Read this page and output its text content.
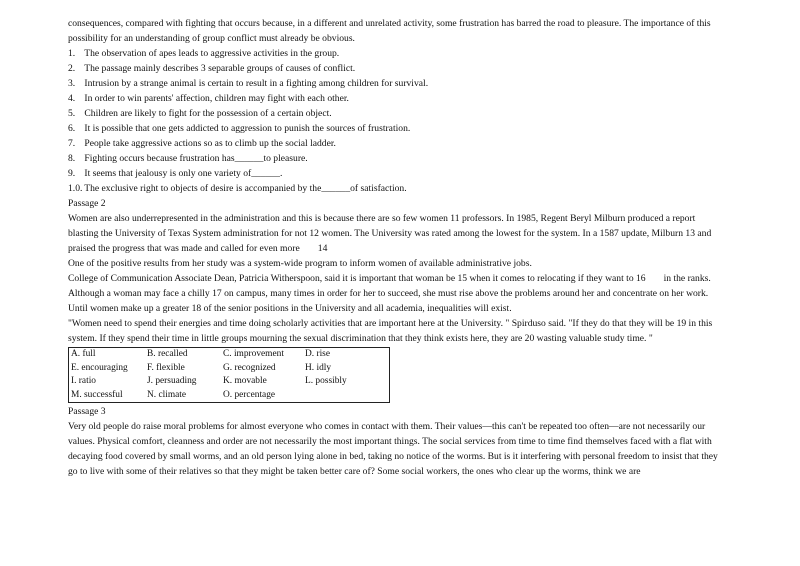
consequences, compared with fighting that occurs because, in a different and unrelated activity, some frustration has barred the road to pleasure. The importance of this possibility for an understanding of group conflict must already be obvious.

1. The observation of apes leads to aggressive activities in the group.
2. The passage mainly describes 3 separable groups of causes of conflict.
3. Intrusion by a strange animal is certain to result in a fighting among children for survival.
4. In order to win parents' affection, children may fight with each other.
5. Children are likely to fight for the possession of a certain object.
6. It is possible that one gets addicted to aggression to punish the sources of frustration.
7. People take aggressive actions so as to climb up the social ladder.
8. Fighting occurs because frustration has______to pleasure.
9. It seems that jealousy is only one variety of______.
1.0. The exclusive right to objects of desire is accompanied by the______of satisfaction.

Passage 2

Women are also underrepresented in the administration and this is because there are so few women 11 professors. In 1985, Regent Beryl Milburn produced a report blasting the University of Texas System administration for not 12 women. The University was rated among the lowest for the system. In a 1587 update, Milburn 13 and praised the progress that was made and called for even more 14

One of the positive results from her study was a system-wide program to inform women of available administrative jobs.

College of Communication Associate Dean, Patricia Witherspoon, said it is important that woman be 15 when it comes to relocating if they want to 16 in the ranks.

Although a woman may face a chilly 17 on campus, many times in order for her to succeed, she must rise above the problems around her and concentrate on her work.

Until women make up a greater 18 of the senior positions in the University and all academia, inequalities will exist.

"Women need to spend their energies and time doing scholarly activities that are important here at the University. " Spirduso said. "If they do that they will be 19 in this system. If they spend their time in little groups mourning the sexual discrimination that they think exists here, they are 20 wasting valuable study time. "

A. full	B. recalled	C. improvement	D. rise
E. encouraging	F. flexible	G. recognized	H. idly
I. ratio	J. persuading	K. movable	L. possibly
M. successful	N. climate	O. percentage

Passage 3

Very old people do raise moral problems for almost everyone who comes in contact with them. Their values—this can't be repeated too often—are not necessarily our values. Physical comfort, cleanness and order are not necessarily the most important things. The social services from time to time find themselves faced with a flat with decaying food covered by small worms, and an old person lying alone in bed, taking no notice of the worms. But is it interfering with personal freedom to insist that they go to live with some of their relatives so that they might be taken better care of? Some social workers, the ones who clear up the worms, think we are
